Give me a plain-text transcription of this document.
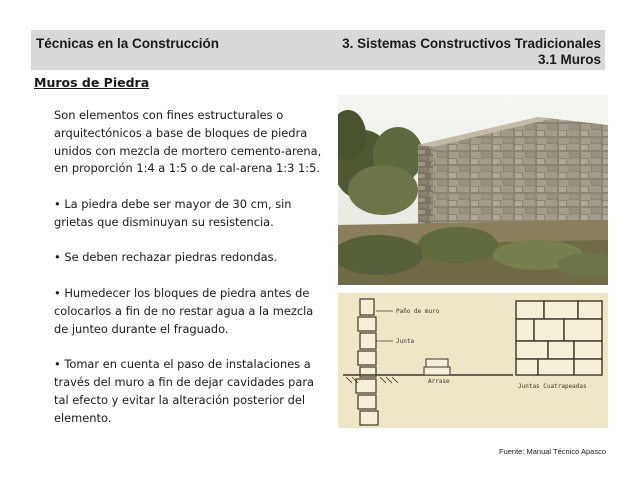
Técnicas en la Construcción	3. Sistemas Constructivos Tradicionales
3.1 Muros
Muros de Piedra

Son elementos con fines estructurales o arquitectónicos a base de bloques de piedra unidos con mezcla de mortero cemento-arena, en proporción 1:4 a 1:5 o de cal-arena 1:3 1:5.

• La piedra debe ser mayor de 30 cm, sin grietas que disminuyan su resistencia.

• Se deben rechazar piedras redondas.

• Humedecer los bloques de piedra antes de colocarlos a fin de no restar agua a la mezcla de junteo durante el fraguado.

• Tomar en cuenta el paso de instalaciones a través del muro a fin de dejar cavidades para tal efecto y evitar la alteración posterior del elemento.

Paño de muro
Junta
Arrase
Juntas Cuatrapeadas
Fuente: Manual Técnico Apasco
